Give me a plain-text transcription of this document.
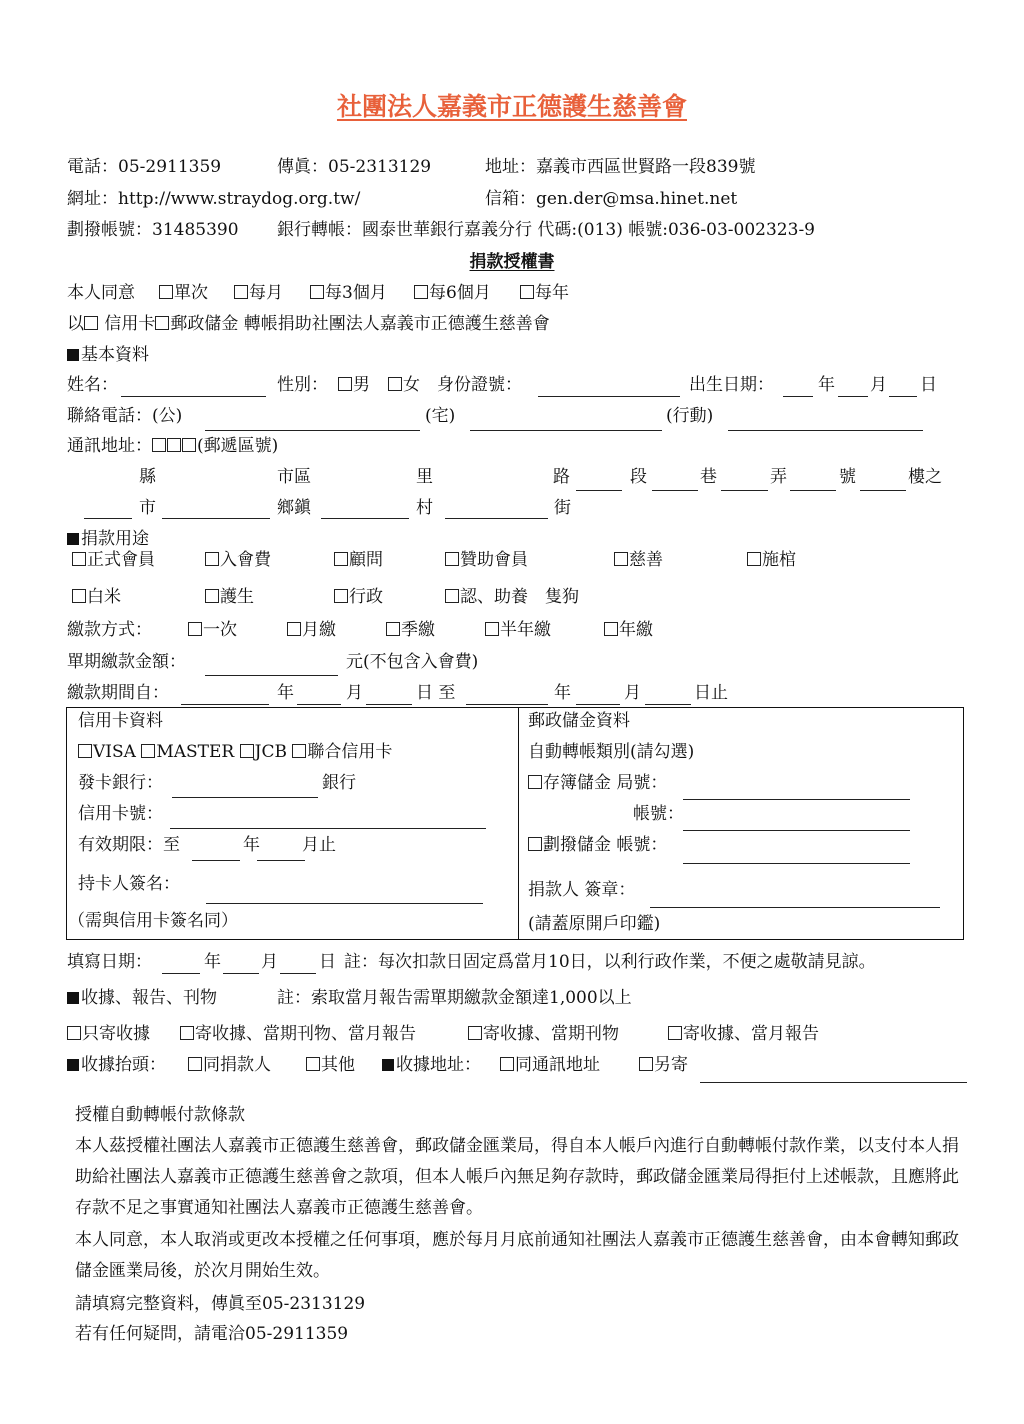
社團法人嘉義市正德護生慈善會
電話：05-2911359	傳眞：05-2313129	地址：嘉義市西區世賢路一段839號
網址：http://www.straydog.org.tw/	信箱：gen.der@msa.hinet.net
劃撥帳號：31485390 銀行轉帳：國泰世華銀行嘉義分行 代碼:(013) 帳號:036-03-002323-9
捐款授權書
本人同意	單次	每月	每3個月	每6個月	每年
以 信用卡 郵政儲金 轉帳捐助社團法人嘉義市正德護生慈善會
基本資料
姓名：	性別：	男	女 身份證號：	出生日期：	年 月 日
聯絡電話：(公)	(宅)	(行動)
通訊地址：	(郵遞區號)
縣	市區	里	路	段	巷	弄	號	樓之
市	鄉鎭	村	街
捐款用途
正式會員	入會費	顧問	贊助會員	慈善	施棺
白米	護生	行政	認、助養　隻狗
繳款方式：	一次	月繳	季繳	半年繳	年繳
單期繳款金額：	元(不包含入會費)
繳款期間自：	年	月	日 至	年	月	日止
信用卡資料
VISA MASTER JCB 聯合信用卡
發卡銀行：	銀行
信用卡號：
有效期限：至	年 月止
持卡人簽名：
（需與信用卡簽名同）
郵政儲金資料
自動轉帳類別(請勾選)
存簿儲金 局號：
帳號：
劃撥儲金 帳號：
捐款人 簽章：
(請蓋原開戶印鑑)
填寫日期：	年 月 日 註：每次扣款日固定爲當月10日，以利行政作業，不便之處敬請見諒。
收據、報告、刊物	註：索取當月報告需單期繳款金額達1,000以上
只寄收據	寄收據、當期刊物、當月報告	寄收據、當期刊物	寄收據、當月報告
收據抬頭：	同捐款人	其他	收據地址：	同通訊地址	另寄
授權自動轉帳付款條款
本人茲授權社團法人嘉義市正德護生慈善會，郵政儲金匯業局，得自本人帳戶內進行自動轉帳付款作業，以支付本人捐助給社團法人嘉義市正德護生慈善會之款項，但本人帳戶內無足夠存款時，郵政儲金匯業局得拒付上述帳款，且應將此存款不足之事實通知社團法人嘉義市正德護生慈善會。
本人同意，本人取消或更改本授權之任何事項，應於每月月底前通知社團法人嘉義市正德護生慈善會，由本會轉知郵政儲金匯業局後，於次月開始生效。
請填寫完整資料，傳眞至05-2313129
若有任何疑問，請電洽05-2911359
